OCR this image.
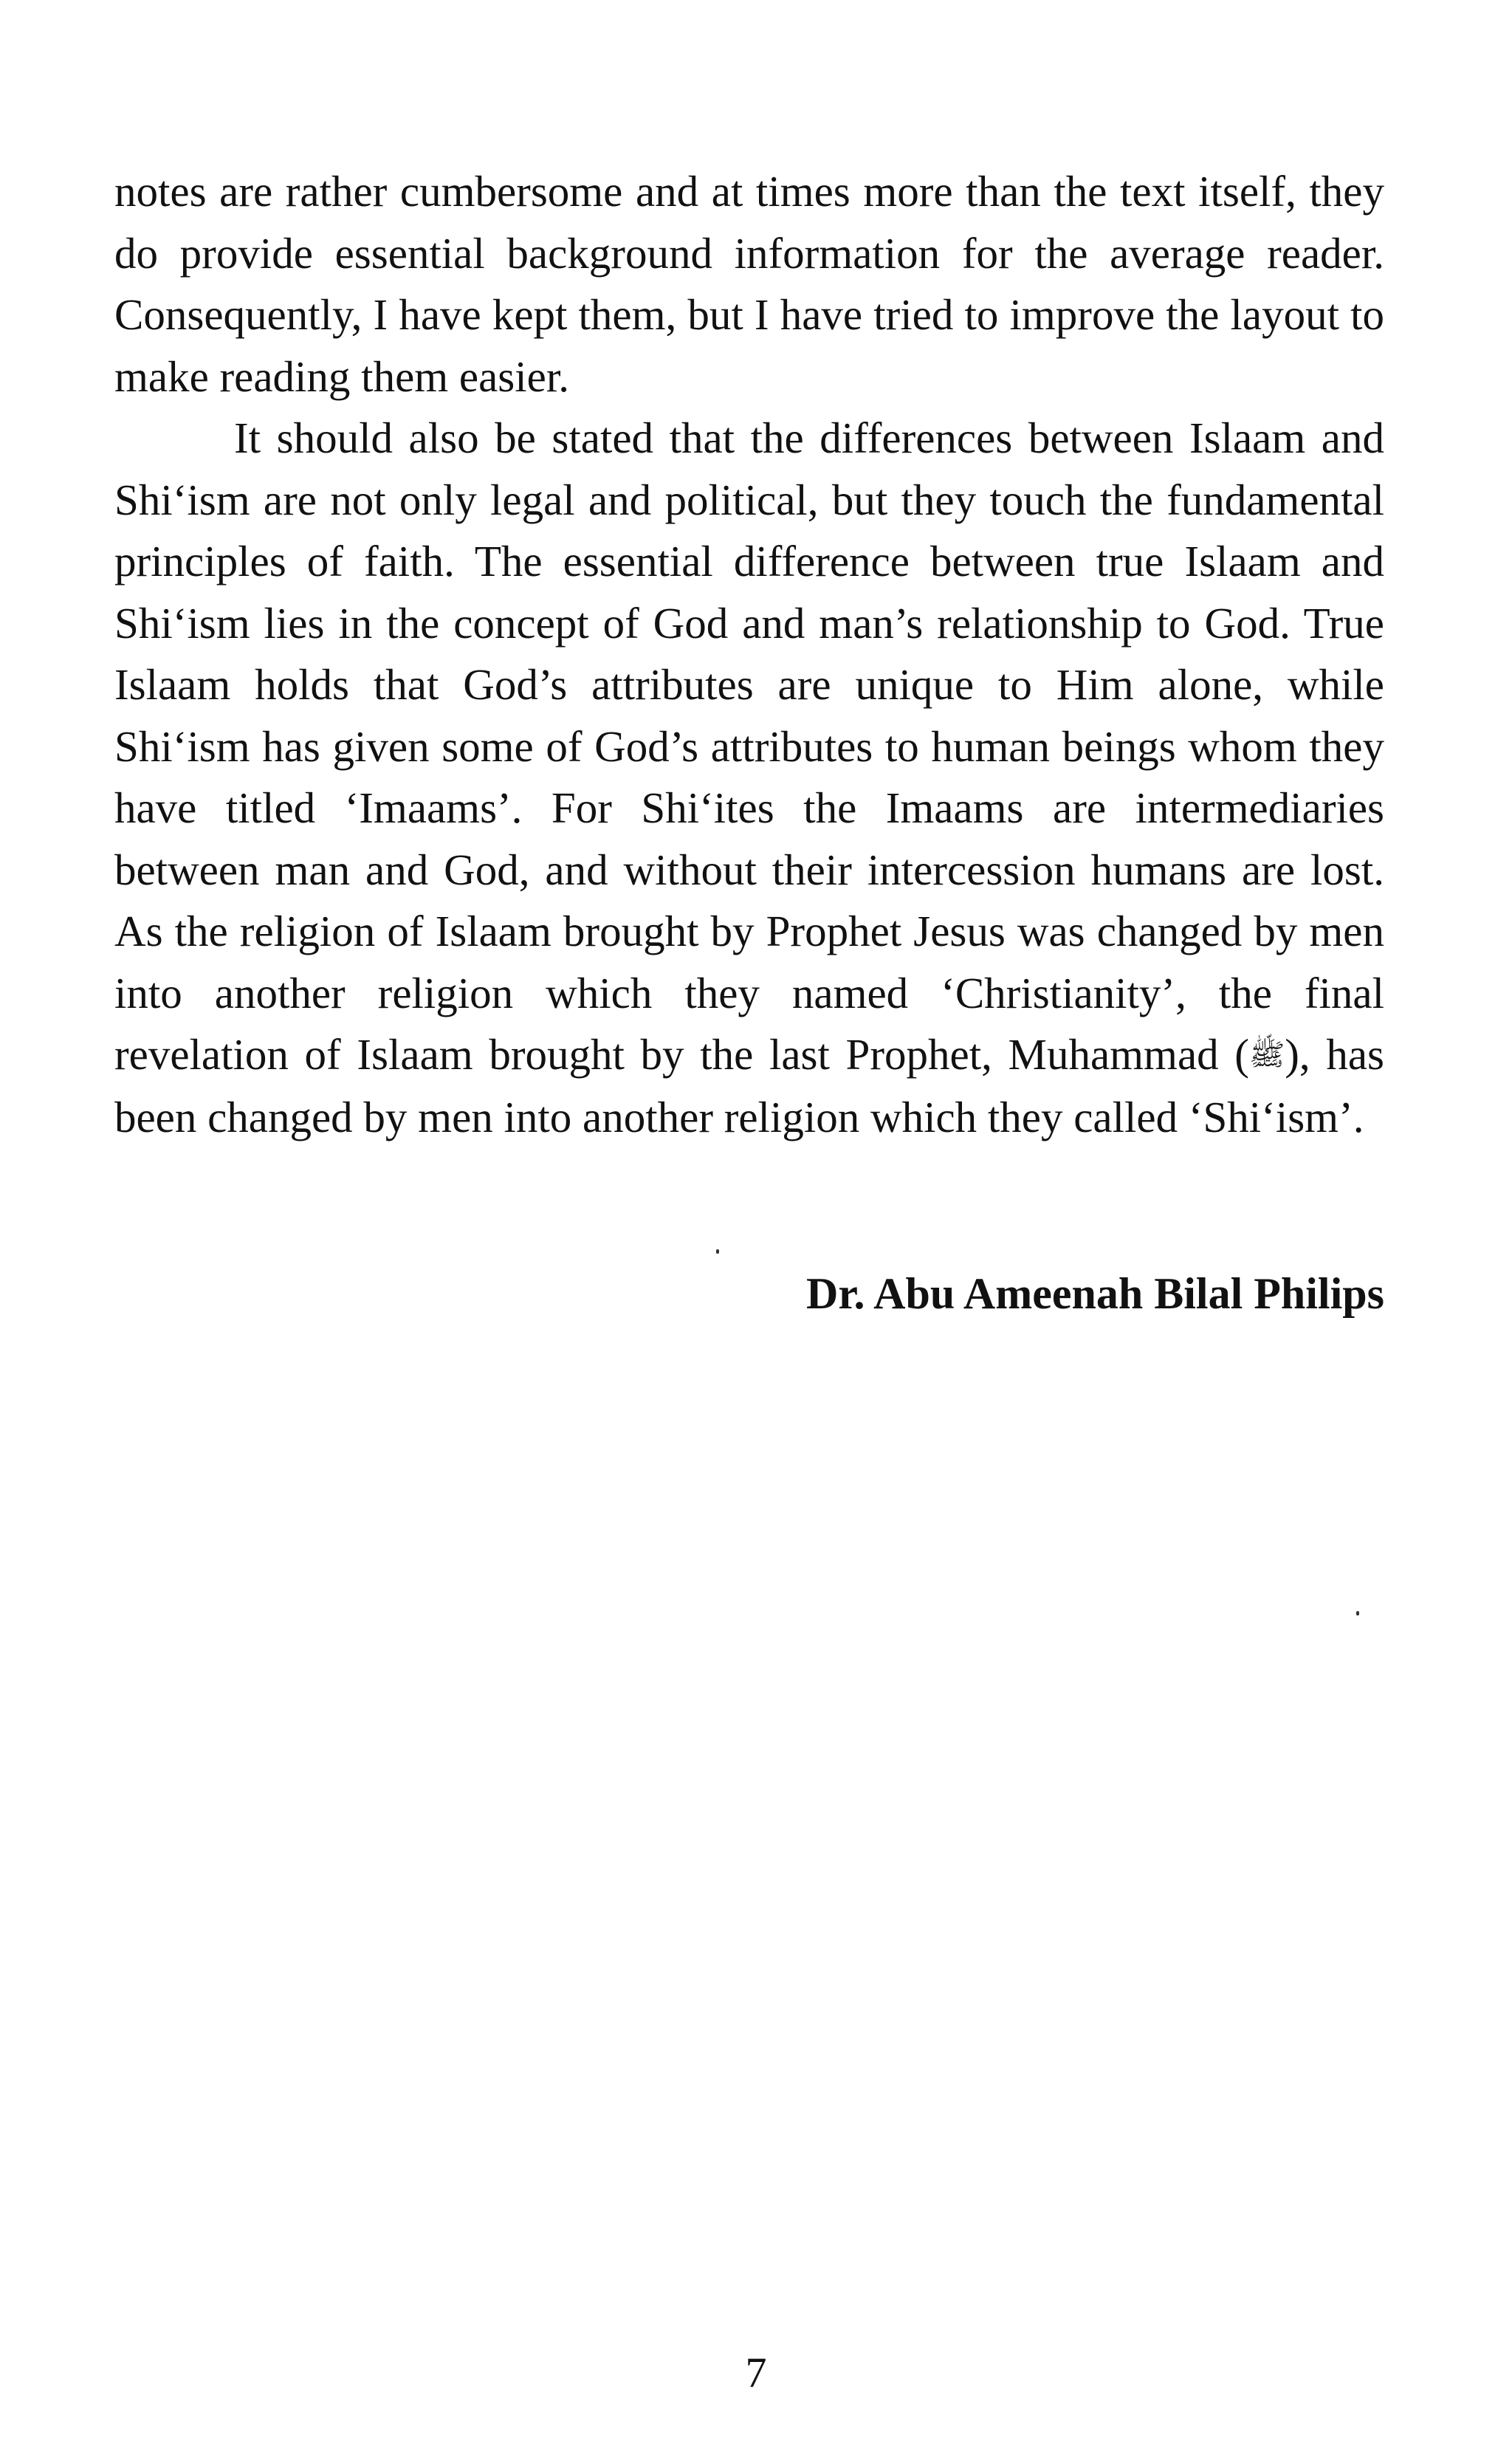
notes are rather cumbersome and at times more than the text itself, they do provide essential background information for the average reader. Consequently, I have kept them, but I have tried to improve the layout to make reading them easier.

It should also be stated that the differences between Islaam and Shi‘ism are not only legal and political, but they touch the fundamental principles of faith. The essential difference between true Islaam and Shi‘ism lies in the concept of God and man’s relationship to God. True Islaam holds that God’s attributes are unique to Him alone, while Shi‘ism has given some of God’s attributes to human beings whom they have titled ‘Imaams’. For Shi‘ites the Imaams are intermediaries between man and God, and without their intercession humans are lost. As the religion of Islaam brought by Prophet Jesus was changed by men into another religion which they named ‘Christianity’, the final revelation of Islaam brought by the last Prophet, Muhammad (ﷺ), has been changed by men into another religion which they called ‘Shi‘ism’.

Dr. Abu Ameenah Bilal Philips
7
